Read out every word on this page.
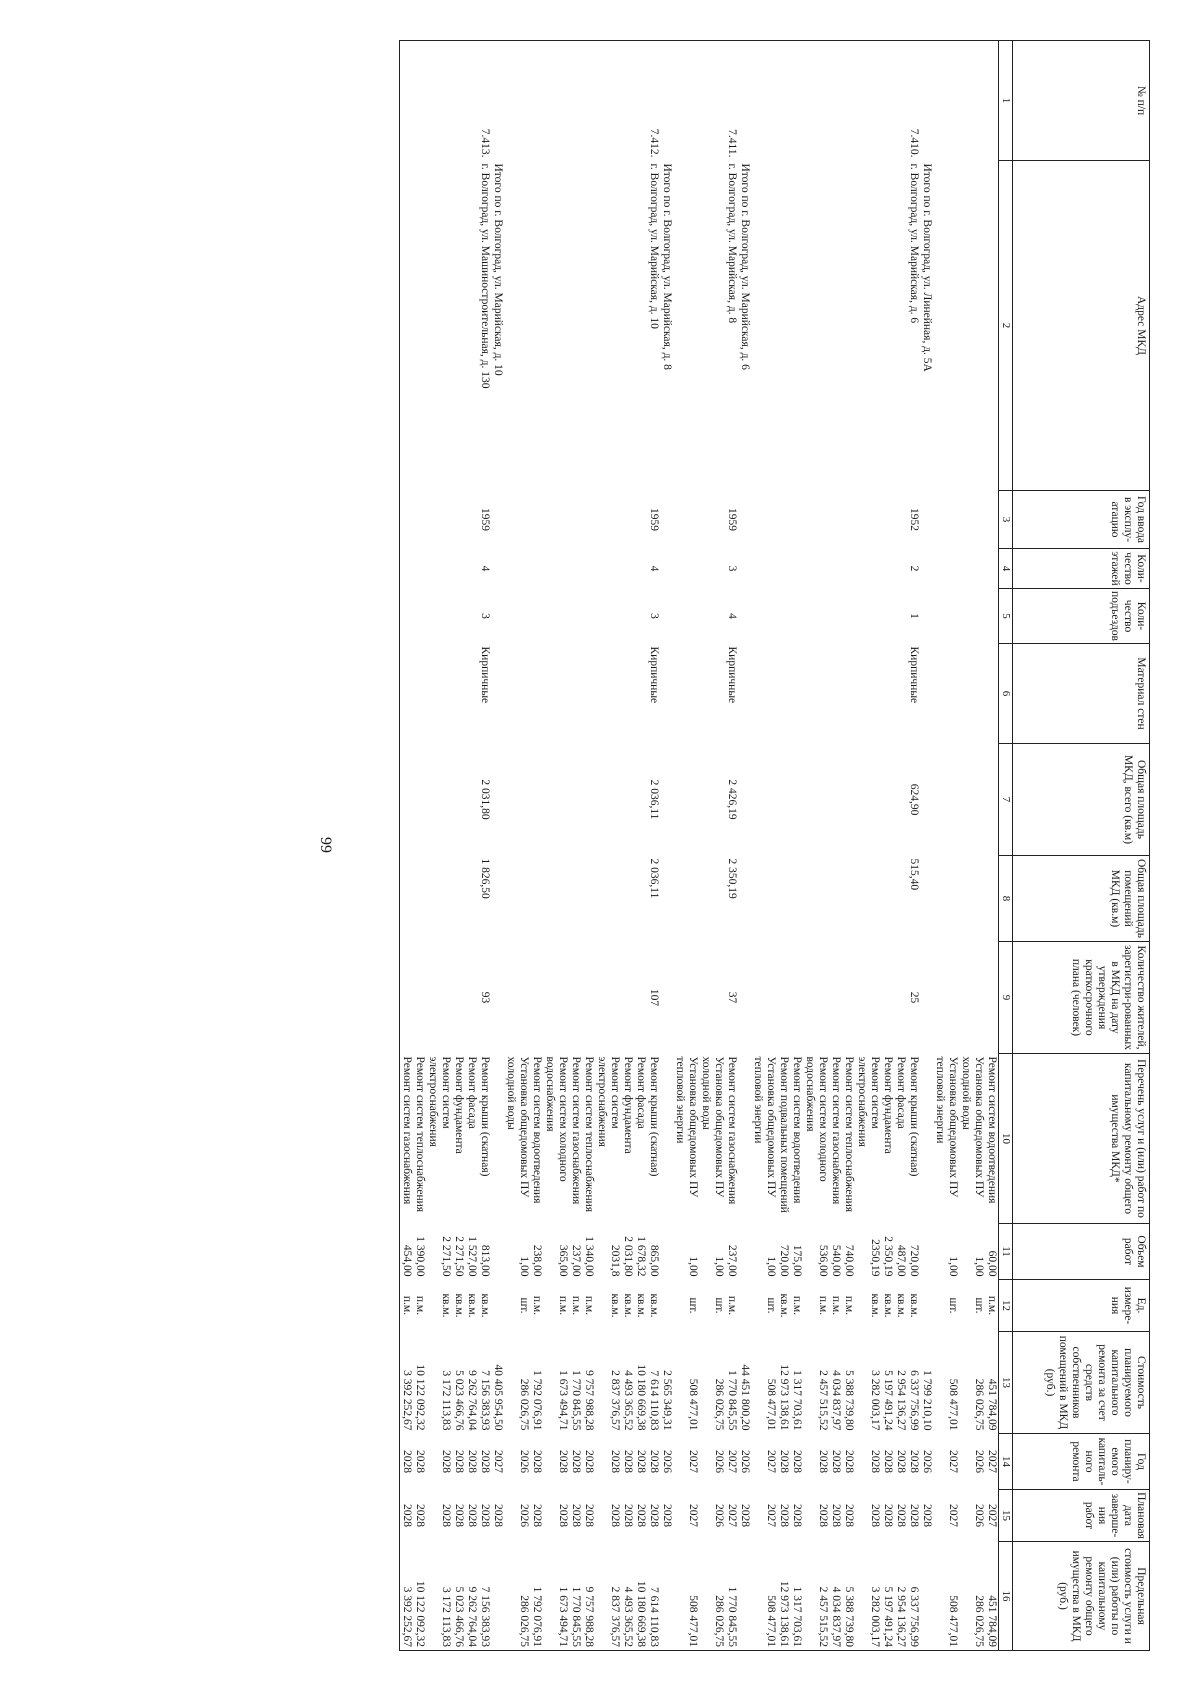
№ п/п	Адрес МКД	Год ввода в эксплу-атацию	Коли-чество этажей	Коли-чество подъездов	Материал стен	Общая площадь МКД, всего (кв.м)	Общая площадь помещений МКД (кв.м)	Количество жителей, зарегистри-рованных в МКД на дату утверждения краткосрочного плана (человек)	Перечень услуг и (или) работ по капитальному ремонту общего имущества МКД*	Объем работ	Ед. измере-ния	Стоимость планируемого капитального ремонта за счет средств собственников помещений в МКД (руб.)	Год планиру-емого капиталь-ного ремонта	Плановая дата заверше-ния работ	Предельная стоимость услуги и (или) работы по капитальному ремонту общего имущества в МКД (руб.)
1	2	3	4	5	6	7	8	9	10	11	12	13	14	15	16
									Ремонт систем водоотведения	60,00	п.м.	451 784,09	2027	2027	451 784,09
									Установка общедомовых ПУ холодной воды	1,00	шт.	286 026,75	2026	2026	286 026,75
									Установка общедомовых ПУ тепловой энергии	1,00	шт.	508 477,01	2027	2027	508 477,01
	Итого по г. Волгоград, ул. Линейная, д. 5А											1 799 210,10	2026	2028	
7.410.	г. Волгоград, ул. Марийская, д. 6	1952	2	1	Кирпичные	624,90	515,40	25	Ремонт крыши (скатная)	720,00	кв.м.	6 337 756,99	2028	2028	6 337 756,99
									Ремонт фасада	487,00	кв.м.	2 954 136,27	2028	2028	2 954 136,27
									Ремонт фундамента	2 350,19	кв.м.	5 197 491,24	2028	2028	5 197 491,24
									Ремонт систем электроснабжения	2350,19	кв.м.	3 282 003,17	2028	2028	3 282 003,17
									Ремонт систем теплоснабжения	740,00	п.м.	5 388 739,80	2028	2028	5 388 739,80
									Ремонт систем газоснабжения	540,00	п.м.	4 034 837,97	2028	2028	4 034 837,97
									Ремонт систем холодного водоснабжения	536,00	п.м.	2 457 515,52	2028	2028	2 457 515,52
									Ремонт систем водоотведения	175,00	п.м.	1 317 703,61	2028	2028	1 317 703,61
									Ремонт подвальных помещений	720,00	кв.м.	12 973 138,61	2028	2028	12 973 138,61
									Установка общедомовых ПУ тепловой энергии	1,00	шт.	508 477,01	2027	2027	508 477,01
	Итого по г. Волгоград, ул. Марийская, д. 6											44 451 800,20	2026	2028	
7.411.	г. Волгоград, ул. Марийская, д. 8	1959	3	4	Кирпичные	2 426,19	2 350,19	37	Ремонт систем газоснабжения	237,00	п.м.	1 770 845,55	2027	2027	1 770 845,55
									Установка общедомовых ПУ холодной воды	1,00	шт.	286 026,75	2026	2026	286 026,75
									Установка общедомовых ПУ тепловой энергии	1,00	шт.	508 477,01	2027	2027	508 477,01
	Итого по г. Волгоград, ул. Марийская, д. 8											2 565 349,31	2026	2028	
7.412.	г. Волгоград, ул. Марийская, д. 10	1959	4	3	Кирпичные	2 036,11	2 036,11	107	Ремонт крыши (скатная)	865,00	кв.м.	7 614 110,83	2028	2028	7 614 110,83
									Ремонт фасада	1 678,32	кв.м.	10 180 669,38	2028	2028	10 180 669,38
									Ремонт фундамента	2 031,80	кв.м.	4 493 365,52	2028	2028	4 493 365,52
									Ремонт систем электроснабжения	2031,8	кв.м.	2 837 376,57	2028	2028	2 837 376,57
									Ремонт систем теплоснабжения	1 340,00	п.м.	9 757 988,28	2028	2028	9 757 988,28
									Ремонт систем газоснабжения	237,00	п.м.	1 770 845,55	2028	2028	1 770 845,55
									Ремонт систем холодного водоснабжения	365,00	п.м.	1 673 494,71	2028	2028	1 673 494,71
									Ремонт систем водоотведения	238,00	п.м.	1 792 076,91	2028	2028	1 792 076,91
									Установка общедомовых ПУ холодной воды	1,00	шт.	286 026,75	2026	2026	286 026,75
	Итого по г. Волгоград, ул. Марийская, д. 10											40 405 954,50	2027	2028	
7.413.	г. Волгоград, ул. Машиностроительная, д. 130	1959	4	3	Кирпичные	2 031,80	1 826,50	93	Ремонт крыши (скатная)	813,00	кв.м.	7 156 383,93	2028	2028	7 156 383,93
									Ремонт фасада	1 527,00	кв.м.	9 262 764,04	2028	2028	9 262 764,04
									Ремонт фундамента	2 271,50	кв.м.	5 023 466,76	2028	2028	5 023 466,76
									Ремонт систем электроснабжения	2 271,50	кв.м.	3 172 113,83	2028	2028	3 172 113,83
									Ремонт систем теплоснабжения	1 390,00	п.м.	10 122 092,32	2028	2028	10 122 092,32
									Ремонт систем газоснабжения	454,00	п.м.	3 392 252,67	2028	2028	3 392 252,67
99
